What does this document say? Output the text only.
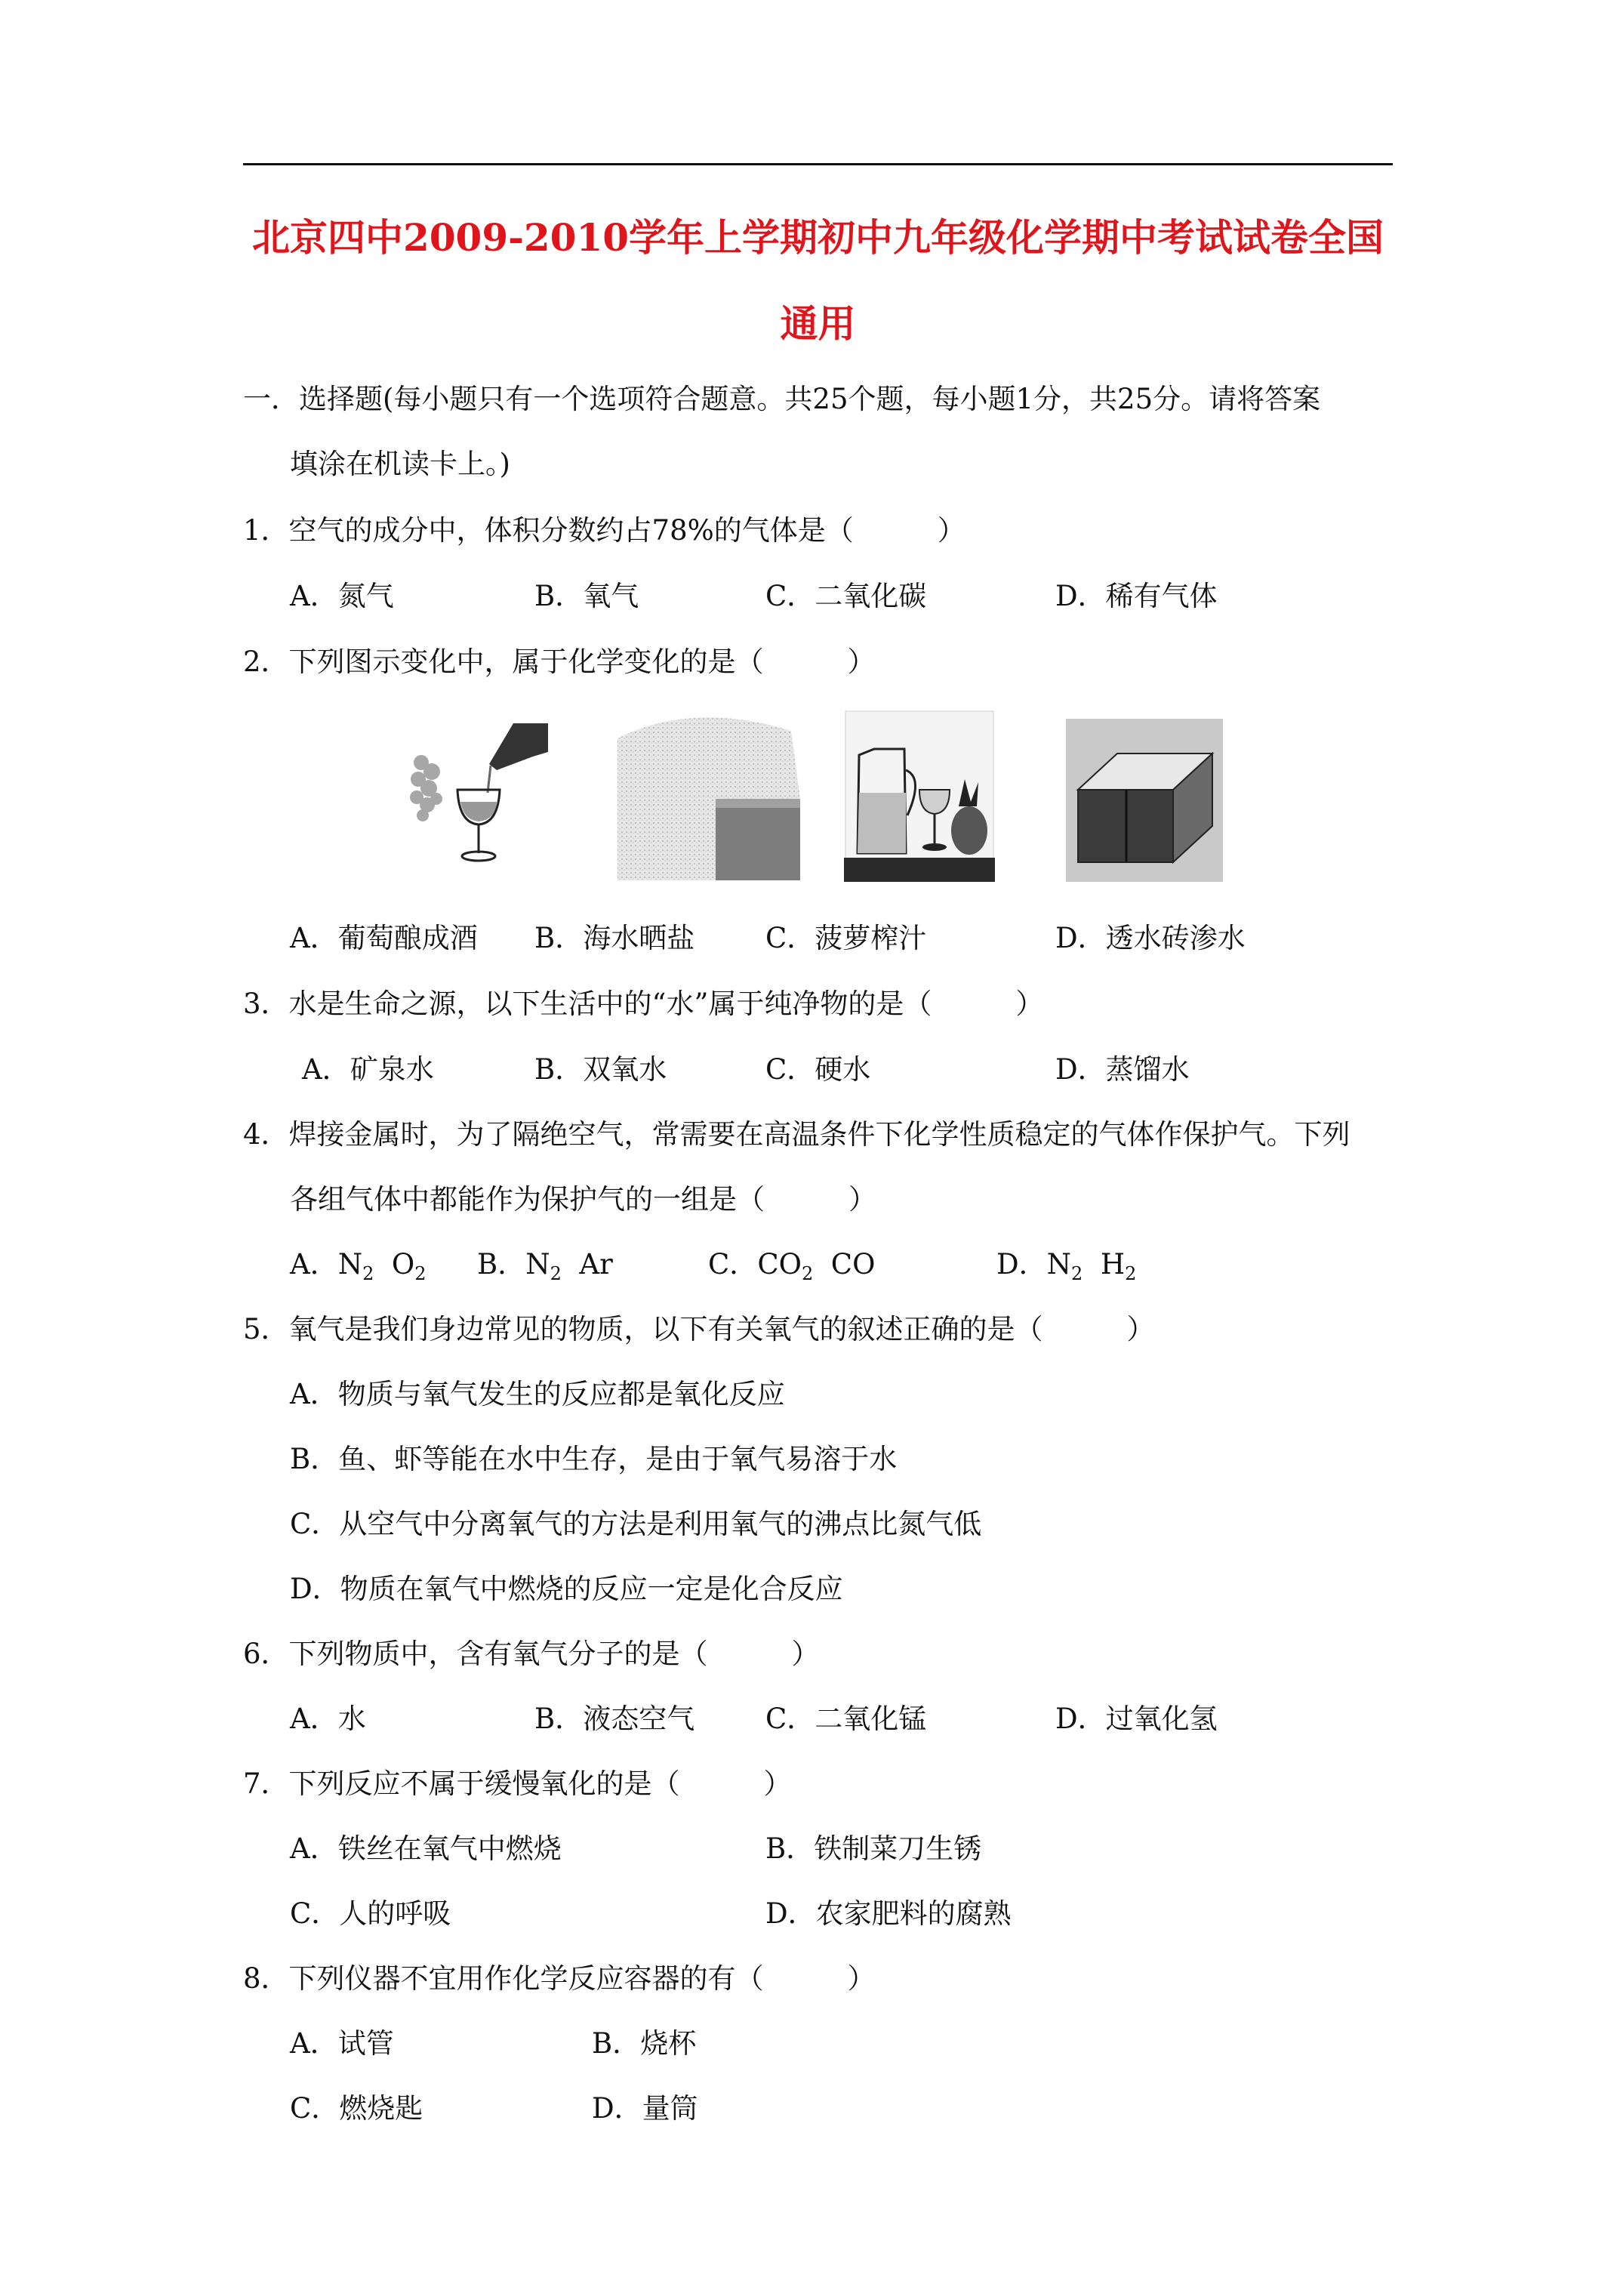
北京四中2009-2010学年上学期初中九年级化学期中考试试卷全国
通用
一．选择题(每小题只有一个选项符合题意。共25个题，每小题1分，共25分。请将答案
填涂在机读卡上。)
1．空气的成分中，体积分数约占78%的气体是（　　　）
A．氮气	B．氧气	C．二氧化碳	D．稀有气体
2．下列图示变化中，属于化学变化的是（　　　）
A．葡萄酿成酒 B．海水晒盐	C．菠萝榨汁	D．透水砖渗水
3．水是生命之源，以下生活中的“水”属于纯净物的是（　　　）
A．矿泉水	B．双氧水	C．硬水	D．蒸馏水
4．焊接金属时，为了隔绝空气，常需要在高温条件下化学性质稳定的气体作保护气。下列
各组气体中都能作为保护气的一组是（　　　）
A．$N_2$ $O_2$ B．$N_2$ Ar	C．$CO_2$ CO	D．$N_2$ $H_2$
5．氧气是我们身边常见的物质，以下有关氧气的叙述正确的是（　　　）
A．物质与氧气发生的反应都是氧化反应
B．鱼、虾等能在水中生存，是由于氧气易溶于水
C．从空气中分离氧气的方法是利用氧气的沸点比氮气低
D．物质在氧气中燃烧的反应一定是化合反应
6．下列物质中，含有氧气分子的是（　　　）
A．水	B．液态空气	C．二氧化锰	D．过氧化氢
7．下列反应不属于缓慢氧化的是（　　　）
A．铁丝在氧气中燃烧	B．铁制菜刀生锈
C．人的呼吸	D．农家肥料的腐熟
8．下列仪器不宜用作化学反应容器的有（　　　）
A．试管	B．烧杯
C．燃烧匙	D．量筒
